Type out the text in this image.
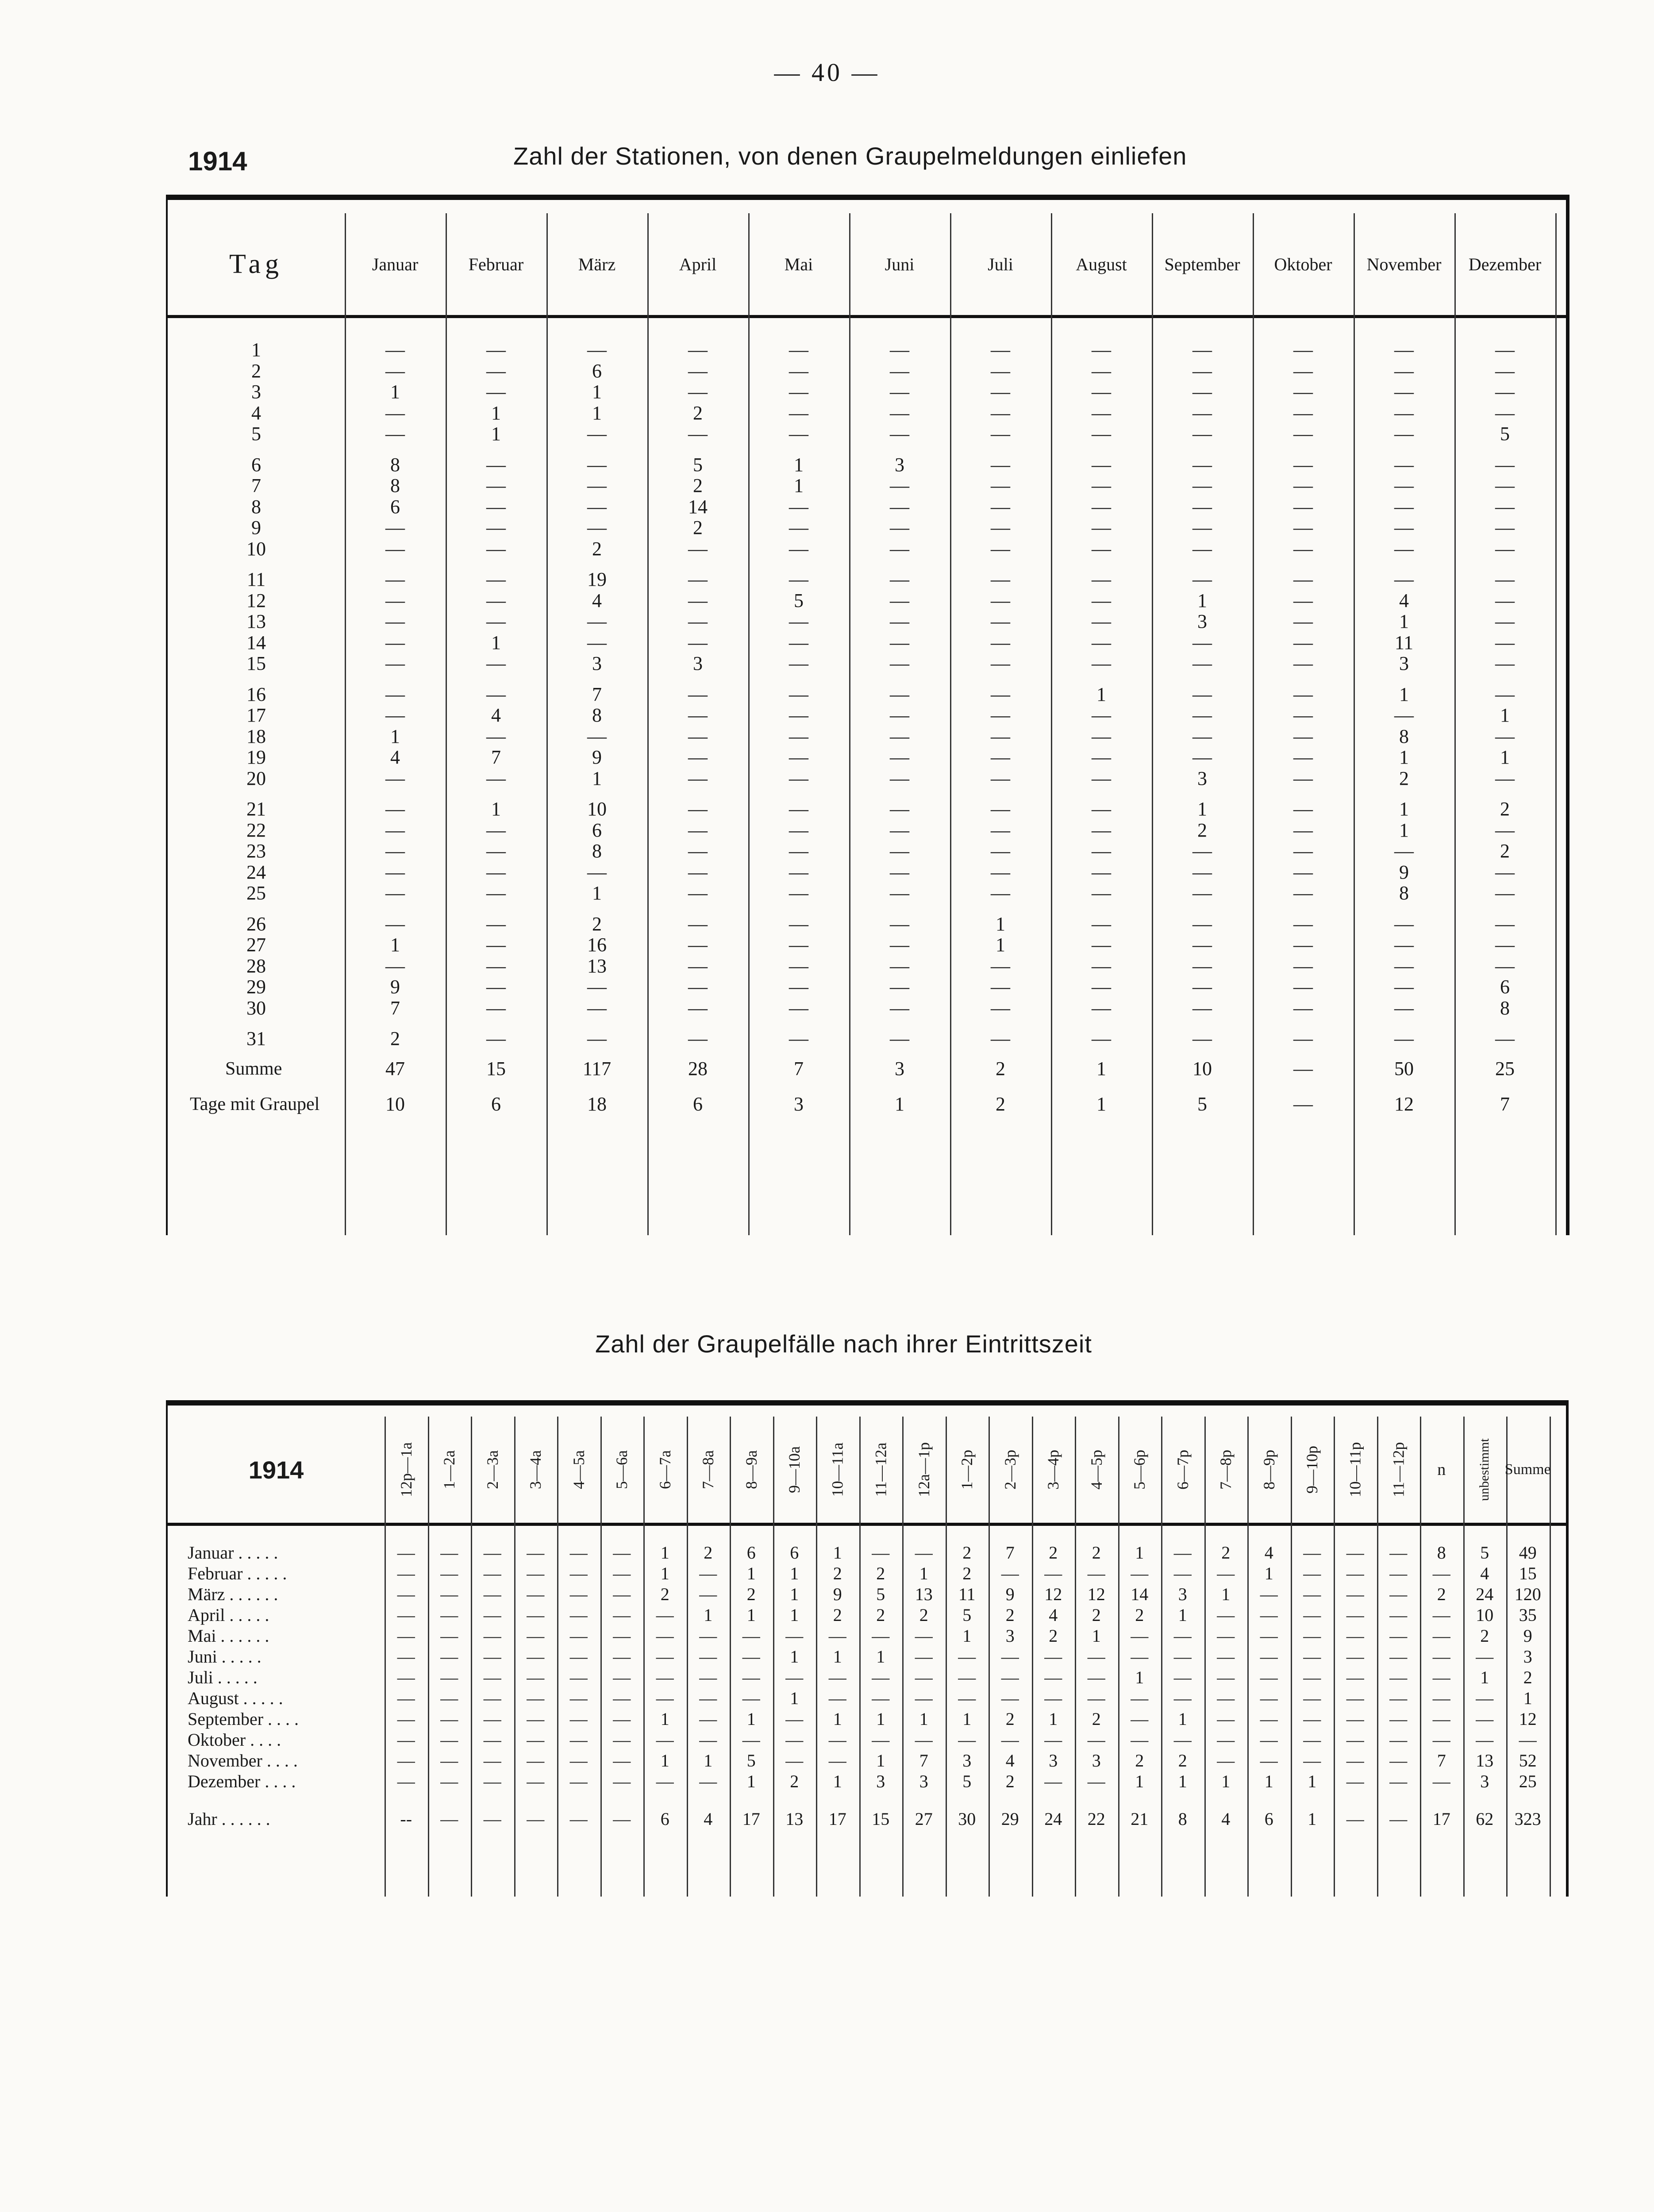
— 40 —
1914	Zahl der Stationen, von denen Graupelmeldungen einliefen
Tag	Januar	Februar	März	April	Mai	Juni	Juli	August	September	Oktober	November	Dezember
1	—	—	—	—	—	—	—	—	—	—	—	—
2	—	—	6	—	—	—	—	—	—	—	—	—
3	1	—	1	—	—	—	—	—	—	—	—	—
4	—	1	1	2	—	—	—	—	—	—	—	—
5	—	1	—	—	—	—	—	—	—	—	—	5
6	8	—	—	5	1	3	—	—	—	—	—	—
7	8	—	—	2	1	—	—	—	—	—	—	—
8	6	—	—	14	—	—	—	—	—	—	—	—
9	—	—	—	2	—	—	—	—	—	—	—	—
10	—	—	2	—	—	—	—	—	—	—	—	—
11	—	—	19	—	—	—	—	—	—	—	—	—
12	—	—	4	—	5	—	—	—	1	—	4	—
13	—	—	—	—	—	—	—	—	3	—	1	—
14	—	1	—	—	—	—	—	—	—	—	11	—
15	—	—	3	3	—	—	—	—	—	—	3	—
16	—	—	7	—	—	—	—	1	—	—	1	—
17	—	4	8	—	—	—	—	—	—	—	—	1
18	1	—	—	—	—	—	—	—	—	—	8	—
19	4	7	9	—	—	—	—	—	—	—	1	1
20	—	—	1	—	—	—	—	—	3	—	2	—
21	—	1	10	—	—	—	—	—	1	—	1	2
22	—	—	6	—	—	—	—	—	2	—	1	—
23	—	—	8	—	—	—	—	—	—	—	—	2
24	—	—	—	—	—	—	—	—	—	—	9	—
25	—	—	1	—	—	—	—	—	—	—	8	—
26	—	—	2	—	—	—	1	—	—	—	—	—
27	1	—	16	—	—	—	1	—	—	—	—	—
28	—	—	13	—	—	—	—	—	—	—	—	—
29	9	—	—	—	—	—	—	—	—	—	—	6
30	7	—	—	—	—	—	—	—	—	—	—	8
31	2	—	—	—	—	—	—	—	—	—	—	—
Summe	47	15	117	28	7	3	2	1	10	—	50	25
Tage mit Graupel	10	6	18	6	3	1	2	1	5	—	12	7
Zahl der Graupelfälle nach ihrer Eintrittszeit
1914	12p—1a 1—2a 2—3a 3—4a 4—5a 5—6a 6—7a 7—8a 8—9a 9—10a 10—11a 11—12a 12a—1p 1—2p 2—3p 3—4p 4—5p 5—6p 6—7p 7—8p 8—9p 9—10p 10—11p 11—12p n unbestimmt Summe
Januar . . . . .	—	—	—	—	—	—	1	2	6	6	1	—	—	2	7	2	2	1	—	2	4	—	—	—	8	5	49
Februar . . . . .	—	—	—	—	—	—	1	—	1	1	2	2	1	2	—	—	—	—	—	—	1	—	—	—	—	4	15
März . . . . . .	—	—	—	—	—	—	2	—	2	1	9	5	13	11	9	12	12	14	3	1	—	—	—	—	2	24	120
April . . . . .	—	—	—	—	—	—	—	1	1	1	2	2	2	5	2	4	2	2	1	—	—	—	—	—	—	10	35
Mai . . . . . .	—	—	—	—	—	—	—	—	—	—	—	—	—	1	3	2	1	—	—	—	—	—	—	—	—	2	9
Juni . . . . .	—	—	—	—	—	—	—	—	—	1	1	1	—	—	—	—	—	—	—	—	—	—	—	—	—	—	3
Juli . . . . .	—	—	—	—	—	—	—	—	—	—	—	—	—	—	—	—	—	1	—	—	—	—	—	—	—	1	2
August . . . . .	—	—	—	—	—	—	—	—	—	1	—	—	—	—	—	—	—	—	—	—	—	—	—	—	—	—	1
September . . . .	—	—	—	—	—	—	1	—	1	—	1	1	1	1	2	1	2	—	1	—	—	—	—	—	—	—	12
Oktober . . . .	—	—	—	—	—	—	—	—	—	—	—	—	—	—	—	—	—	—	—	—	—	—	—	—	—	—	—
November . . . .	—	—	—	—	—	—	1	1	5	—	—	1	7	3	4	3	3	2	2	—	—	—	—	—	7	13	52
Dezember . . . .	—	—	—	—	—	—	—	—	1	2	1	3	3	5	2	—	—	1	1	1	1	1	—	—	—	3	25
Jahr . . . . . .	--	—	—	—	—	—	6	4	17	13	17	15	27	30	29	24	22	21	8	4	6	1	—	—	17	62	323
